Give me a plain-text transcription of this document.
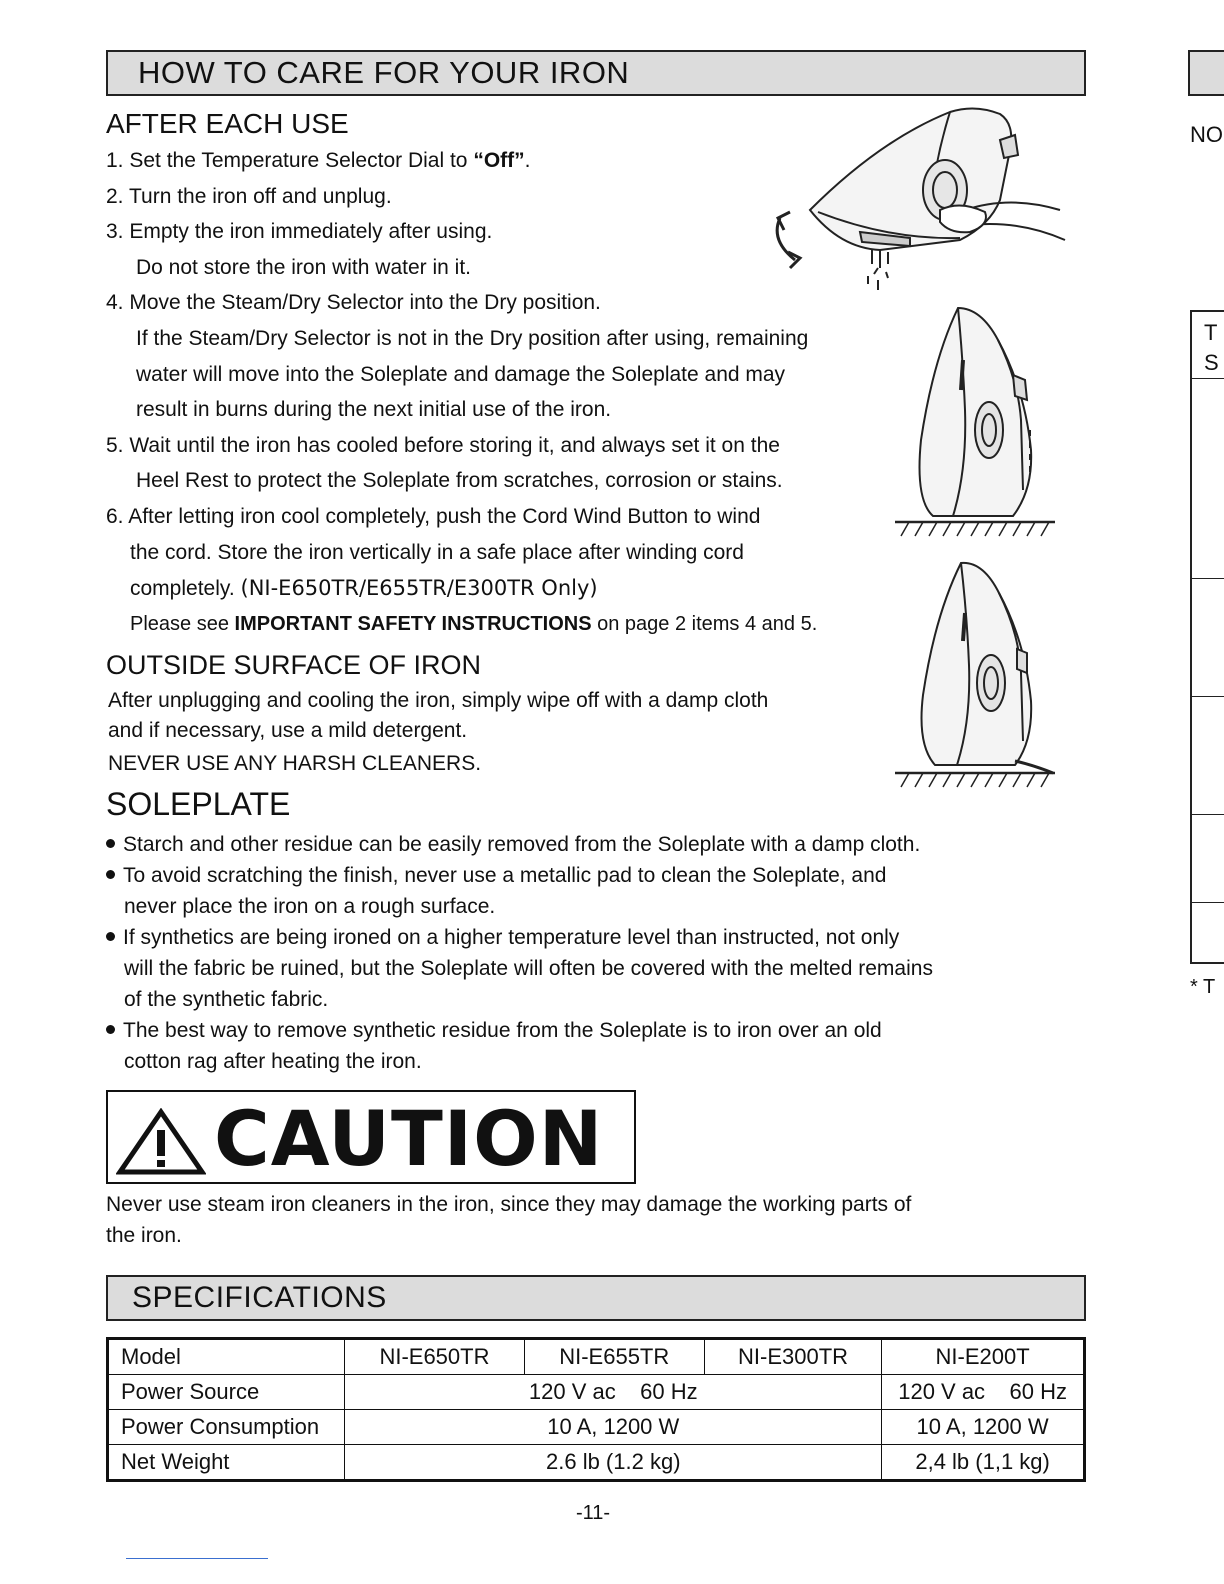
HOW TO CARE FOR YOUR IRON
AFTER EACH USE
1. Set the Temperature Selector Dial to “Off”.
2. Turn the iron off and unplug.
3. Empty the iron immediately after using.
Do not store the iron with water in it.
4. Move the Steam/Dry Selector into the Dry position.
If the Steam/Dry Selector is not in the Dry position after using, remaining
water will move into the Soleplate and damage the Soleplate and may
result in burns during the next initial use of the iron.
5. Wait until the iron has cooled before storing it, and always set it on the
Heel Rest to protect the Soleplate from scratches, corrosion or stains.
6. After letting iron cool completely, push the Cord Wind Button to wind
the cord. Store the iron vertically in a safe place after winding cord
completely. (NI-E650TR/E655TR/E300TR Only)
Please see IMPORTANT SAFETY INSTRUCTIONS on page 2 items 4 and 5.
OUTSIDE SURFACE OF IRON
After unplugging and cooling the iron, simply wipe off with a damp cloth
and if necessary, use a mild detergent.
NEVER USE ANY HARSH CLEANERS.
SOLEPLATE
Starch and other residue can be easily removed from the Soleplate with a damp cloth.
To avoid scratching the finish, never use a metallic pad to clean the Soleplate, and
never place the iron on a rough surface.
If synthetics are being ironed on a higher temperature level than instructed, not only
will the fabric be ruined, but the Soleplate will often be covered with the melted remains
of the synthetic fabric.
The best way to remove synthetic residue from the Soleplate is to iron over an old
cotton rag after heating the iron.
CAUTION
Never use steam iron cleaners in the iron, since they may damage the working parts of
the iron.
SPECIFICATIONS
Model	NI-E650TR	NI-E655TR	NI-E300TR	NI-E200T
Power Source	120 V ac    60 Hz			120 V ac    60 Hz
Power Consumption	10 A, 1200 W			10 A, 1200 W
Net Weight	2.6 lb (1.2 kg)			2,4 lb (1,1 kg)
-11-
NO
T
S
* T
